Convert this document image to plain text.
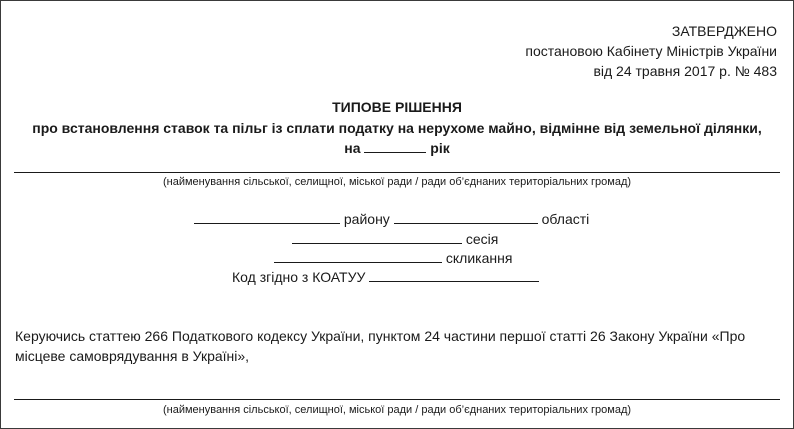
ЗАТВЕРДЖЕНО
постановою Кабінету Міністрів України
від 24 травня 2017 р. № 483
ТИПОВЕ РІШЕННЯ
про встановлення ставок та пільг із сплати податку на нерухоме майно, відмінне від земельної ділянки, на	рік
(найменування сільської, селищної, міської ради / ради об’єднаних територіальних громад)
району	області
сесія
скликання
Код згідно з КОАТУУ
Керуючись статтею 266 Податкового кодексу України, пунктом 24 частини першої статті 26 Закону України «Про місцеве самоврядування в Україні»,
(найменування сільської, селищної, міської ради / ради об’єднаних територіальних громад)
